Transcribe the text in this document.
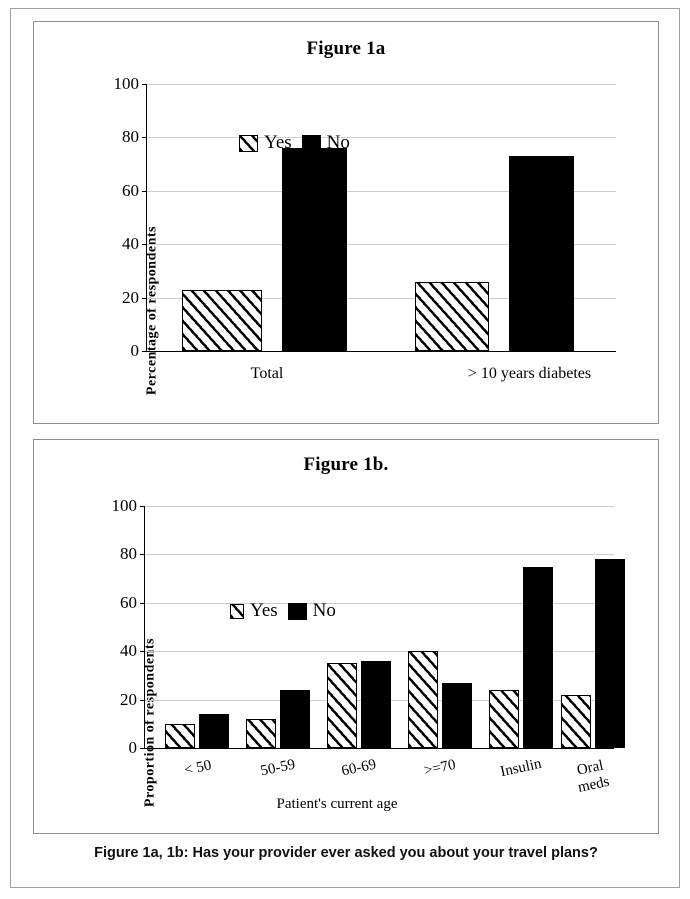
Figure 1a
Percentage of respondents
100
80
60
40
20
0
Total	> 10 years diabetes
Yes No
Figure 1b.
Proportion of respondents
100
80
60
40
20
0
< 50	50-59	60-69	>=70	Insulin	Oral
meds
Patient's current age
Yes No
Figure 1a, 1b: Has your provider ever asked you about your travel plans?
